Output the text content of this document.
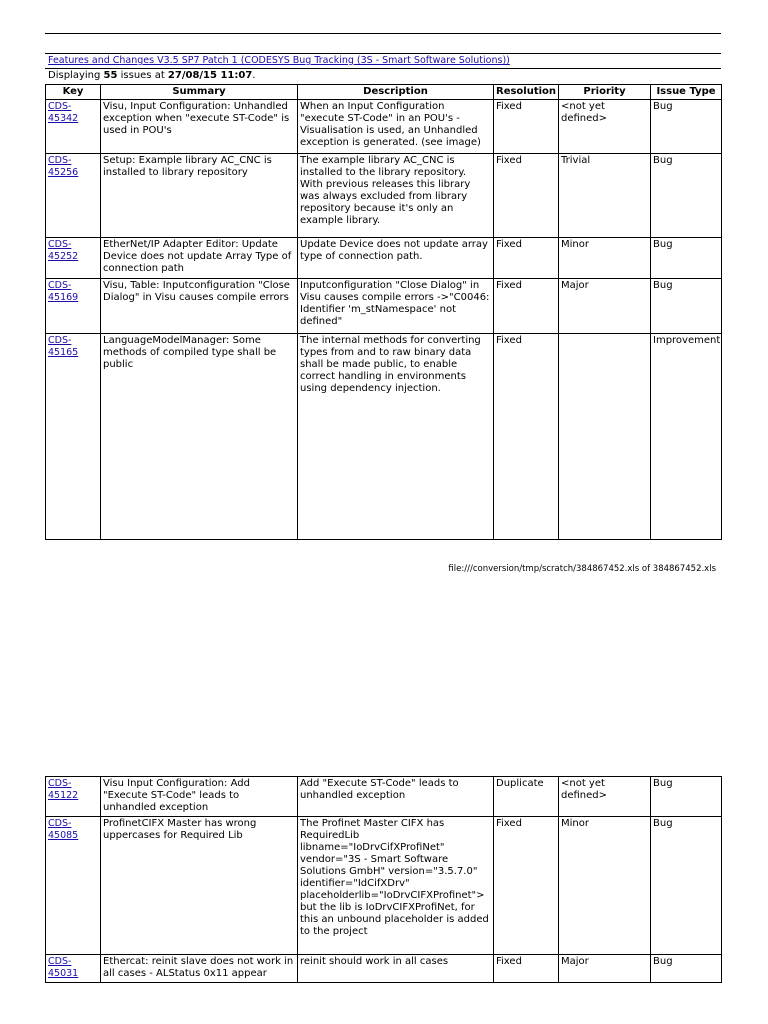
Features and Changes V3.5 SP7 Patch 1 (CODESYS Bug Tracking (3S - Smart Software Solutions))
Displaying 55 issues at 27/08/15 11:07.
Key	Summary	Description	Resolution	Priority	Issue Type
CDS-45342	Visu, Input Configuration: Unhandled exception when "execute ST-Code" is used in POU's	When an Input Configuration "execute ST-Code" in an POU's - Visualisation is used, an Unhandled exception is generated. (see image)	Fixed	<not yet defined>	Bug
CDS-45256	Setup: Example library AC_CNC is installed to library repository	The example library AC_CNC is installed to the library repository. With previous releases this library was always excluded from library repository because it's only an example library.	Fixed	Trivial	Bug
CDS-45252	EtherNet/IP Adapter Editor: Update Device does not update Array Type of connection path	Update Device does not update array type of connection path.	Fixed	Minor	Bug
CDS-45169	Visu, Table: Inputconfiguration "Close Dialog" in Visu causes compile errors	Inputconfiguration "Close Dialog" in Visu causes compile errors ->"C0046: Identifier 'm_stNamespace' not defined"	Fixed	Major	Bug
CDS-45165	LanguageModelManager: Some methods of compiled type shall be public	The internal methods for converting types from and to raw binary data shall be made public, to enable correct handling in environments using dependency injection.	Fixed		Improvement
file:///conversion/tmp/scratch/384867452.xls of 384867452.xls
CDS-45122	Visu Input Configuration: Add "Execute ST-Code" leads to unhandled exception	Add "Execute ST-Code" leads to unhandled exception	Duplicate	<not yet defined>	Bug
CDS-45085	ProfinetCIFX Master has wrong uppercases for Required Lib	The Profinet Master CIFX has RequiredLib libname="IoDrvCifXProfiNet" vendor="3S - Smart Software Solutions GmbH" version="3.5.7.0" identifier="IdCifXDrv" placeholderlib="IoDrvCIFXProfinet"> but the lib is IoDrvCIFXProfiNet, for this an unbound placeholder is added to the project	Fixed	Minor	Bug
CDS-45031	Ethercat: reinit slave does not work in all cases - ALStatus 0x11 appear	reinit should work in all cases	Fixed	Major	Bug
